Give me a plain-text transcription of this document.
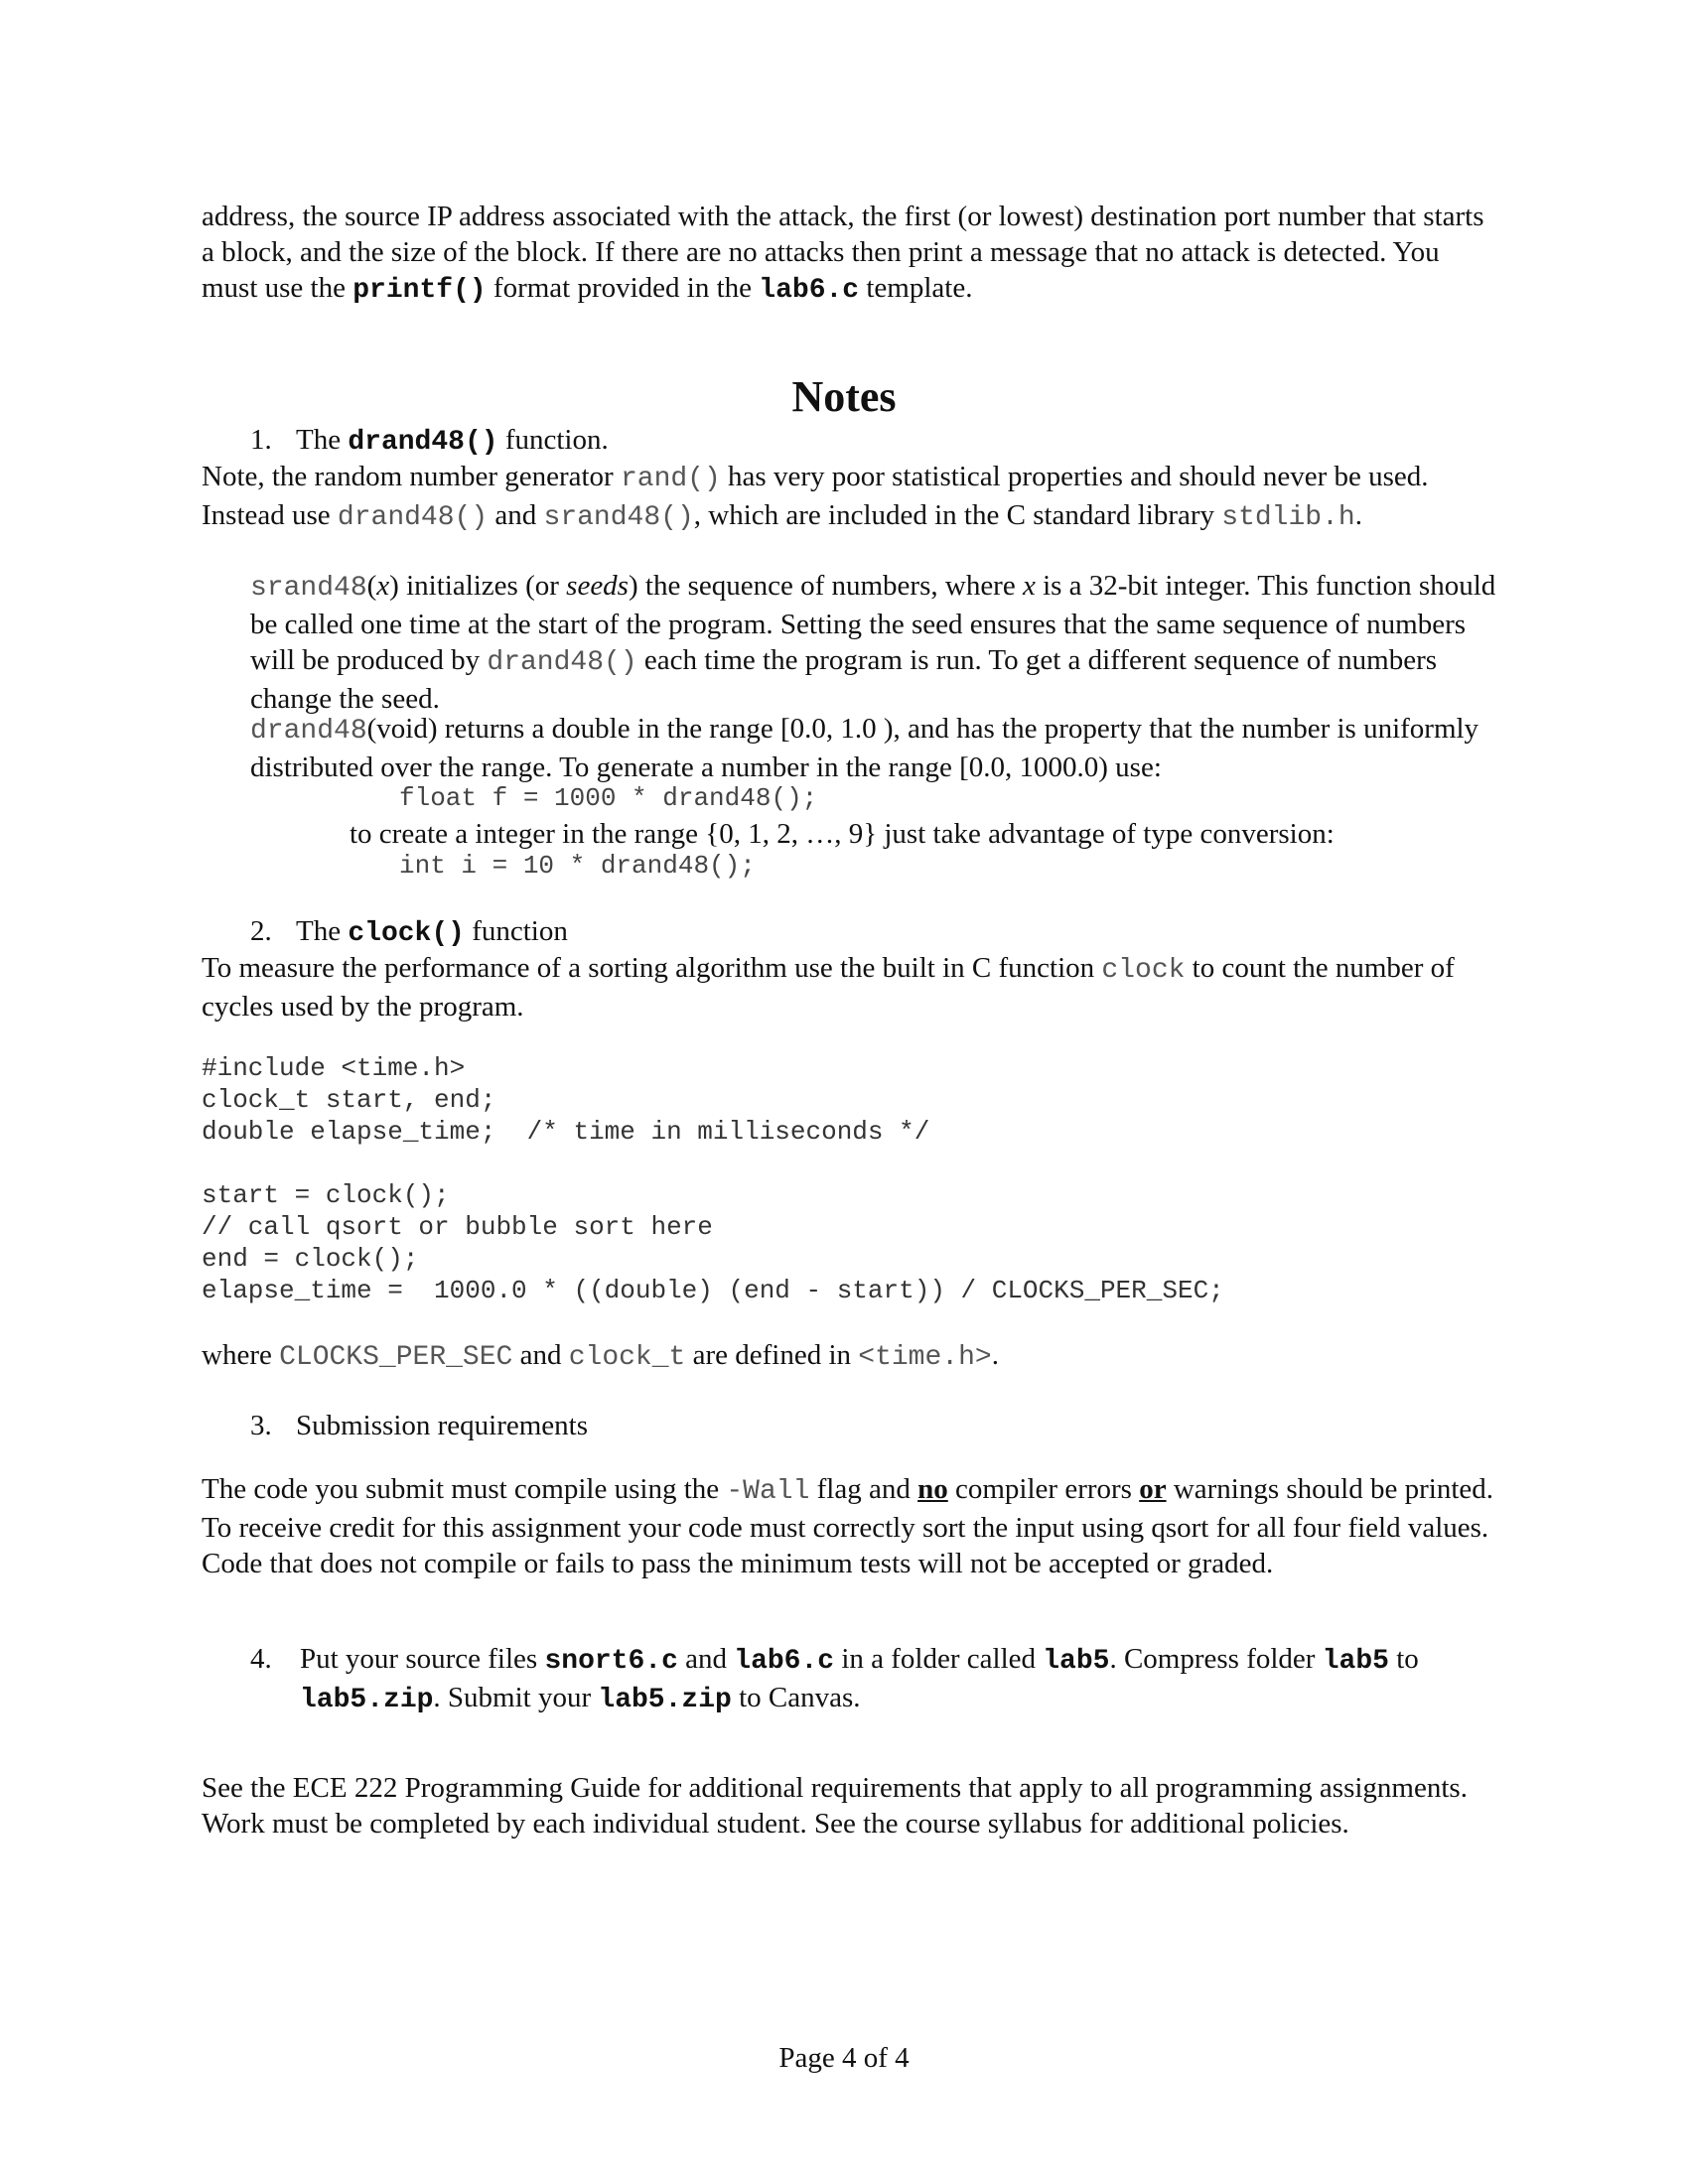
address, the source IP address associated with the attack, the first (or lowest) destination port number that starts a block, and the size of the block. If there are no attacks then print a message that no attack is detected. You must use the printf() format provided in the lab6.c template.
Notes
1. The drand48() function.
Note, the random number generator rand() has very poor statistical properties and should never be used. Instead use drand48() and srand48(), which are included in the C standard library stdlib.h.
srand48(x) initializes (or seeds) the sequence of numbers, where x is a 32-bit integer. This function should be called one time at the start of the program. Setting the seed ensures that the same sequence of numbers will be produced by drand48() each time the program is run. To get a different sequence of numbers change the seed.
drand48(void) returns a double in the range [0.0, 1.0 ), and has the property that the number is uniformly distributed over the range. To generate a number in the range [0.0, 1000.0) use:
float f = 1000 * drand48();
to create a integer in the range {0, 1, 2, …, 9} just take advantage of type conversion:
int i = 10 * drand48();
2. The clock() function
To measure the performance of a sorting algorithm use the built in C function clock to count the number of cycles used by the program.
#include <time.h>
clock_t start, end;
double elapse_time;  /* time in milliseconds */
start = clock();
// call qsort or bubble sort here
end = clock();
elapse_time =  1000.0 * ((double) (end - start)) / CLOCKS_PER_SEC;
where CLOCKS_PER_SEC and clock_t are defined in <time.h>.
3. Submission requirements
The code you submit must compile using the -Wall flag and no compiler errors or warnings should be printed. To receive credit for this assignment your code must correctly sort the input using qsort for all four field values. Code that does not compile or fails to pass the minimum tests will not be accepted or graded.
4. Put your source files snort6.c and lab6.c in a folder called lab5. Compress folder lab5 to lab5.zip. Submit your lab5.zip to Canvas.
See the ECE 222 Programming Guide for additional requirements that apply to all programming assignments. Work must be completed by each individual student. See the course syllabus for additional policies.
Page 4 of 4
